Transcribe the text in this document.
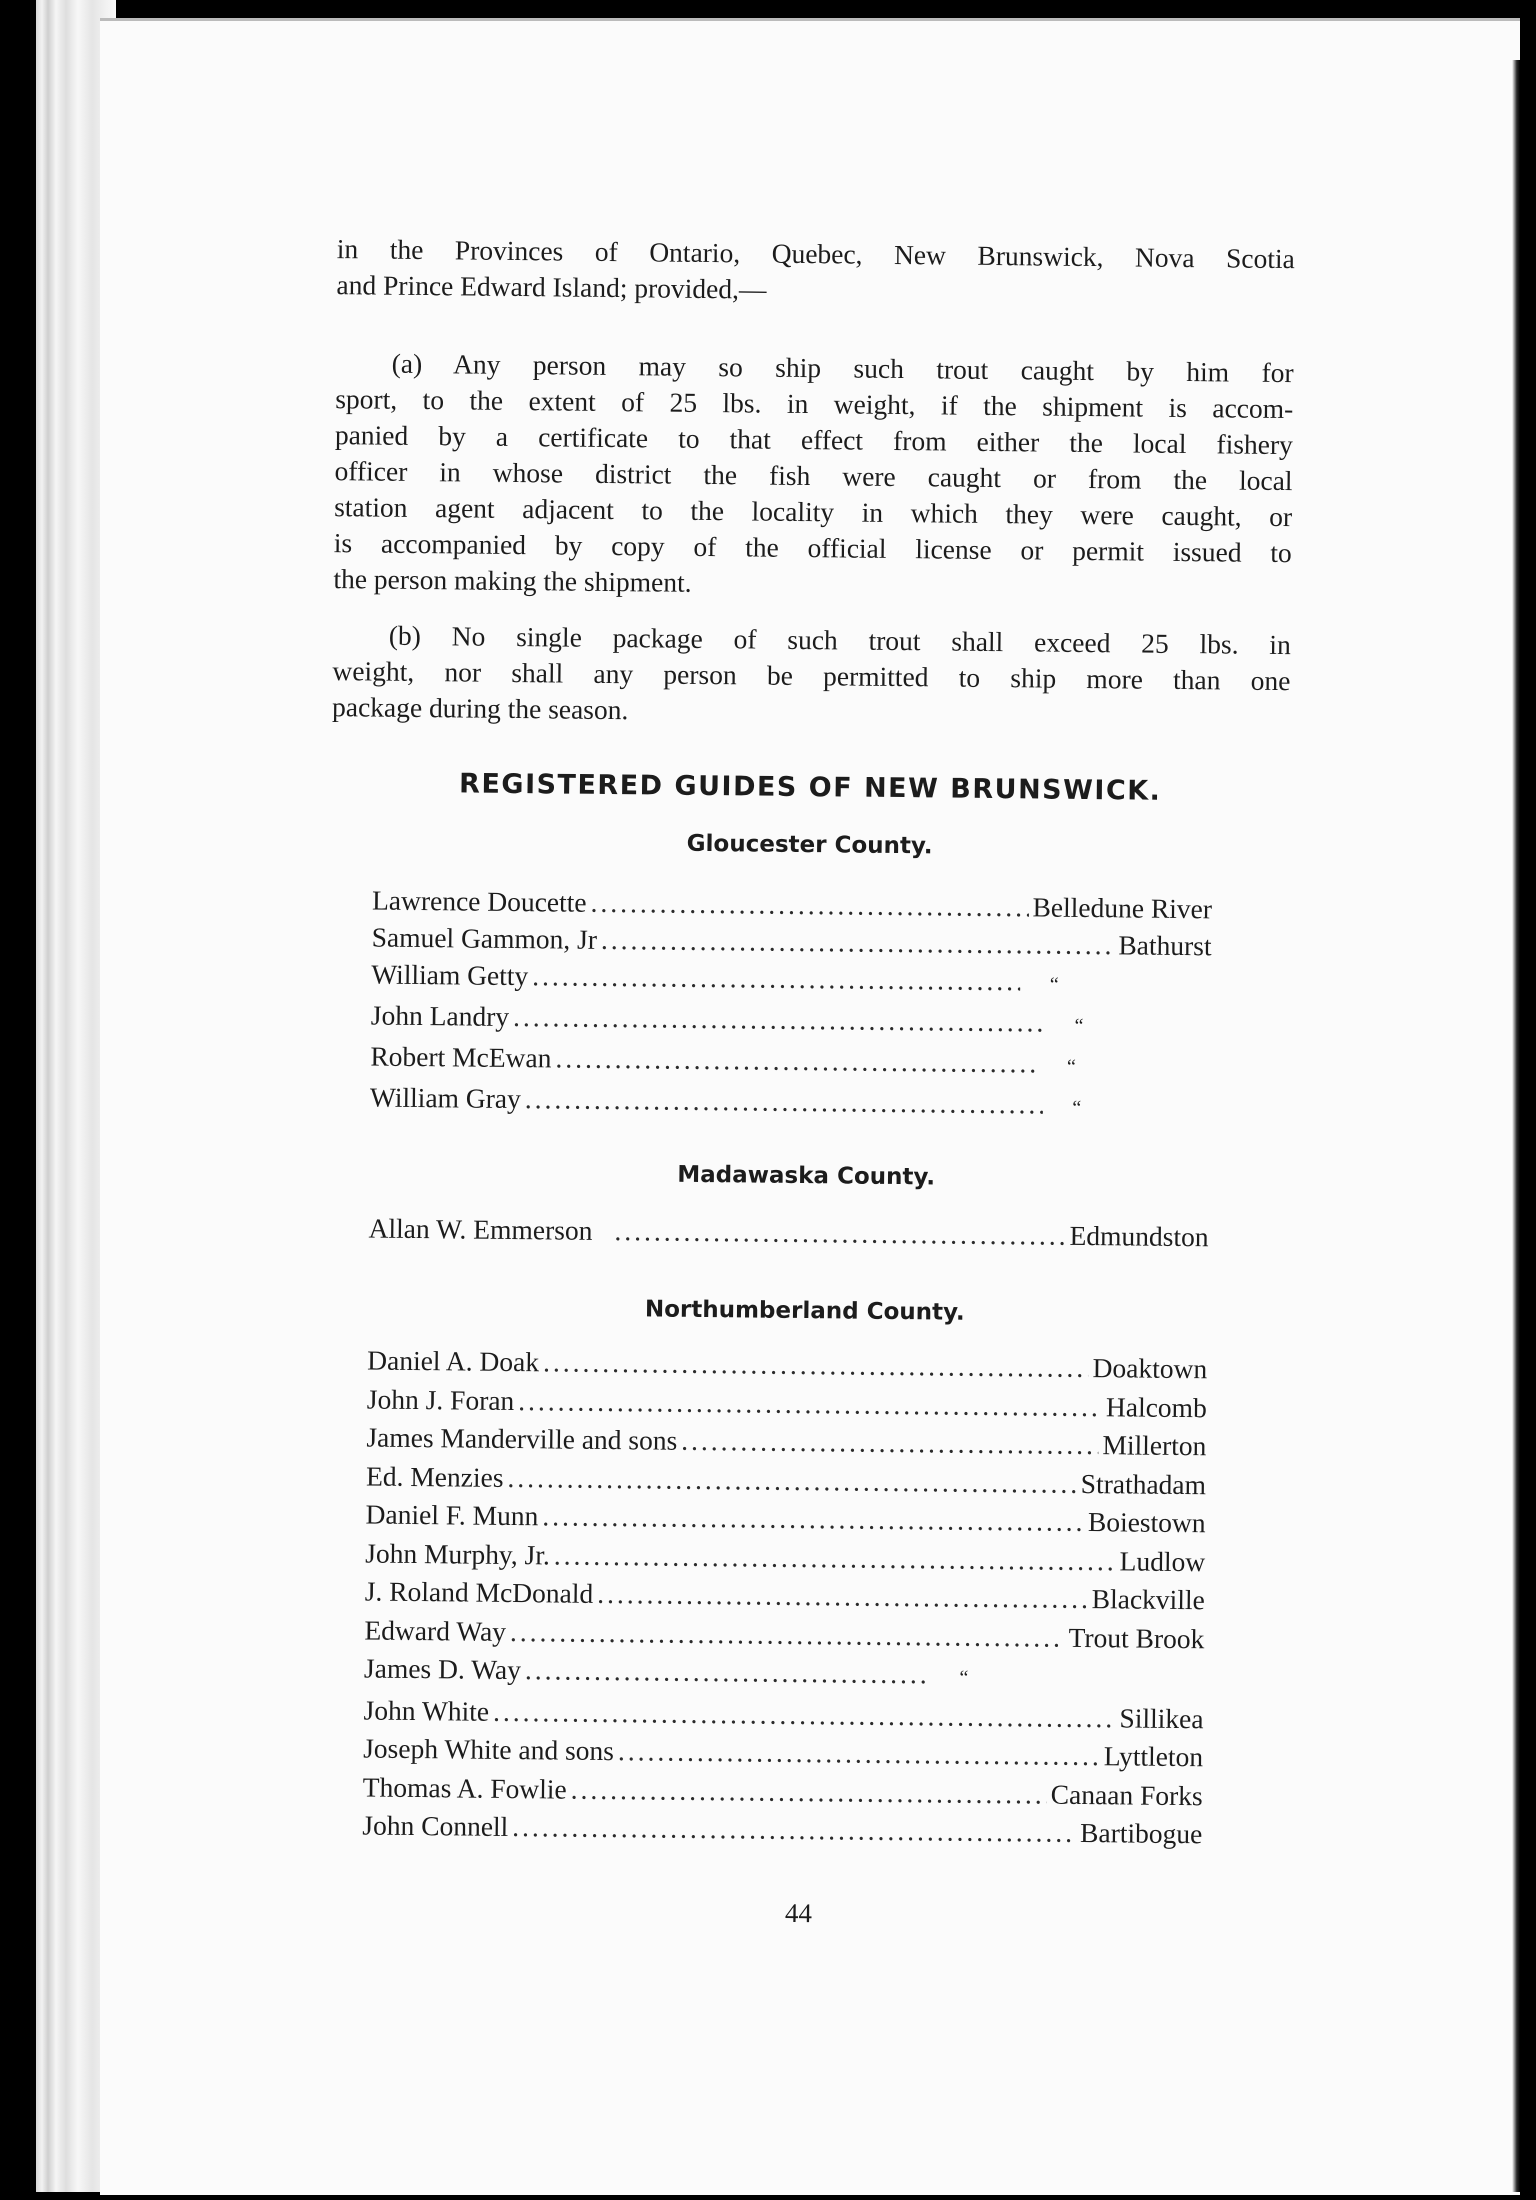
in the Provinces of Ontario, Quebec, New Brunswick, Nova Scotia
and Prince Edward Island; provided,—
(a) Any person may so ship such trout caught by him for
sport, to the extent of 25 lbs. in weight, if the shipment is accom-
panied by a certificate to that effect from either the local fishery
officer in whose district the fish were caught or from the local
station agent adjacent to the locality in which they were caught, or
is accompanied by copy of the official license or permit issued to
the person making the shipment.
(b) No single package of such trout shall exceed 25 lbs. in
weight, nor shall any person be permitted to ship more than one
package during the season.
REGISTERED GUIDES OF NEW BRUNSWICK.
Gloucester County.
Lawrence Doucette .....	Belledune River
Samuel Gammon, Jr .....	Bathurst
William Getty .....	“
John Landry .....	“
Robert McEwan .....	“
William Gray .....	“
Madawaska County.
Allan W. Emmerson .....	Edmundston
Northumberland County.
Daniel A. Doak .....	Doaktown
John J. Foran .....	Halcomb
James Manderville and sons .....	Millerton
Ed. Menzies .....	Strathadam
Daniel F. Munn .....	Boiestown
John Murphy, Jr. .....	Ludlow
J. Roland McDonald .....	Blackville
Edward Way .....	Trout Brook
James D. Way .....	“
John White .....	Sillikea
Joseph White and sons .....	Lyttleton
Thomas A. Fowlie .....	Canaan Forks
John Connell .....	Bartibogue

44
